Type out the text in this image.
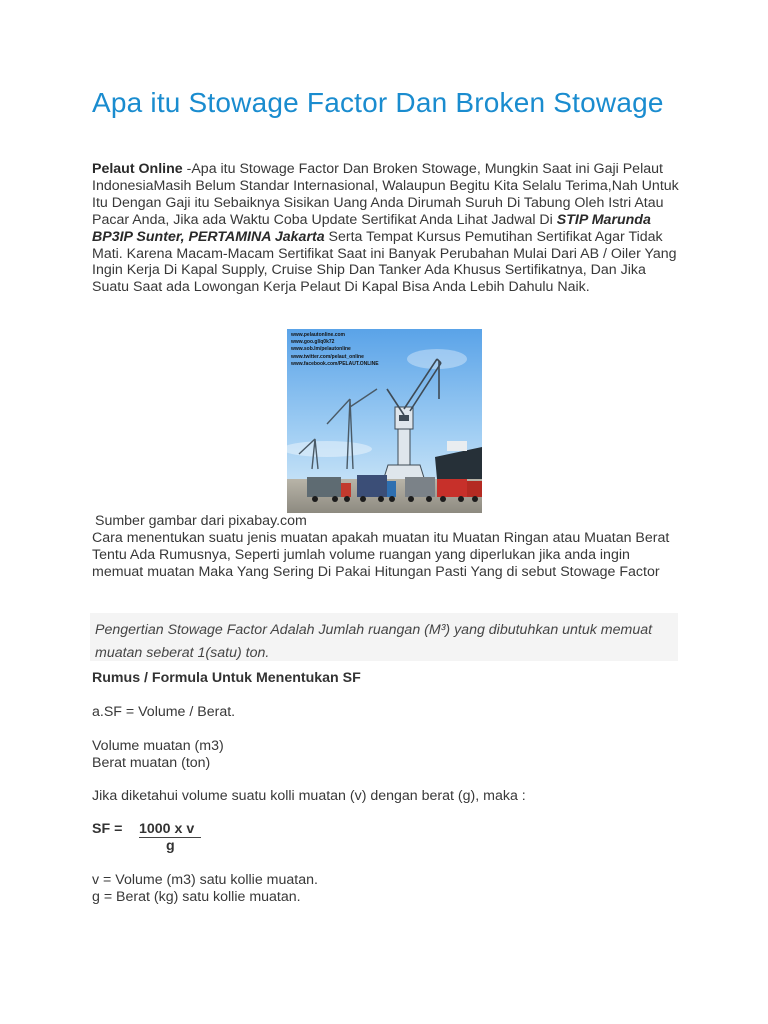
Apa itu Stowage Factor Dan Broken Stowage

Pelaut Online -Apa itu Stowage Factor Dan Broken Stowage, Mungkin Saat ini Gaji Pelaut IndonesiaMasih Belum Standar Internasional, Walaupun Begitu Kita Selalu Terima,Nah Untuk Itu Dengan Gaji itu Sebaiknya Sisikan Uang Anda Dirumah Suruh Di Tabung Oleh Istri Atau Pacar Anda, Jika ada Waktu Coba Update Sertifikat Anda Lihat Jadwal Di STIP Marunda BP3IP Sunter, PERTAMINA Jakarta Serta Tempat Kursus Pemutihan Sertifikat Agar Tidak Mati. Karena Macam-Macam Sertifikat Saat ini Banyak Perubahan Mulai Dari AB / Oiler Yang Ingin Kerja Di Kapal Supply, Cruise Ship Dan Tanker Ada Khusus Sertifikatnya, Dan Jika Suatu Saat ada Lowongan Kerja Pelaut Di Kapal Bisa Anda Lebih Dahulu Naik.

www.pelautonline.com
www.goo.gl/q0k72
www.sob.lm/pelautonline
www.twitter.com/pelaut_online
www.facebook.com/PELAUT.ONLINE

Sumber gambar dari pixabay.com

Cara menentukan suatu jenis muatan apakah muatan itu Muatan Ringan atau Muatan Berat Tentu Ada Rumusnya, Seperti jumlah volume ruangan yang diperlukan jika anda ingin memuat muatan Maka Yang Sering Di Pakai Hitungan Pasti Yang di sebut Stowage Factor

Pengertian Stowage Factor Adalah Jumlah ruangan (M³) yang dibutuhkan untuk memuat muatan seberat 1(satu) ton.

Rumus / Formula Untuk Menentukan SF

a.SF = Volume / Berat.

Volume muatan (m3)

Berat muatan (ton)

Jika diketahui volume suatu kolli muatan (v) dengan berat (g), maka :

SF = 1000 x v
g

v = Volume (m3) satu kollie muatan.

g = Berat (kg) satu kollie muatan.
